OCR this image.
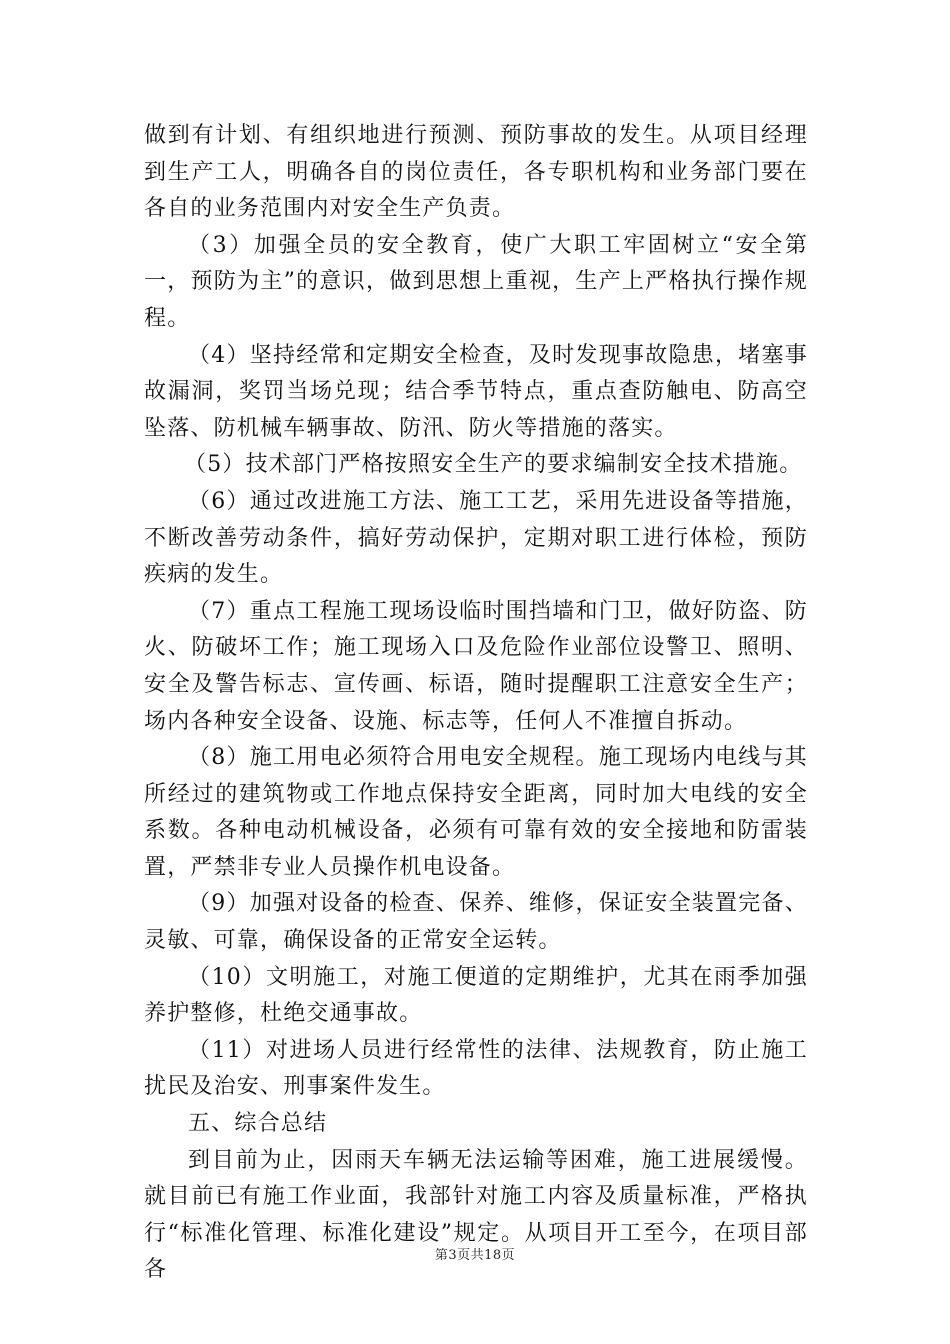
做到有计划、有组织地进行预测、预防事故的发生。从项目经理到生产工人，明确各自的岗位责任，各专职机构和业务部门要在各自的业务范围内对安全生产负责。

（3）加强全员的安全教育，使广大职工牢固树立“安全第一，预防为主”的意识，做到思想上重视，生产上严格执行操作规程。

（4）坚持经常和定期安全检查，及时发现事故隐患，堵塞事故漏洞，奖罚当场兑现；结合季节特点，重点查防触电、防高空坠落、防机械车辆事故、防汛、防火等措施的落实。

（5）技术部门严格按照安全生产的要求编制安全技术措施。

（6）通过改进施工方法、施工工艺，采用先进设备等措施，不断改善劳动条件，搞好劳动保护，定期对职工进行体检，预防疾病的发生。

（7）重点工程施工现场设临时围挡墙和门卫，做好防盗、防火、防破坏工作；施工现场入口及危险作业部位设警卫、照明、安全及警告标志、宣传画、标语，随时提醒职工注意安全生产；场内各种安全设备、设施、标志等，任何人不准擅自拆动。

（8）施工用电必须符合用电安全规程。施工现场内电线与其所经过的建筑物或工作地点保持安全距离，同时加大电线的安全系数。各种电动机械设备，必须有可靠有效的安全接地和防雷装置，严禁非专业人员操作机电设备。

（9）加强对设备的检查、保养、维修，保证安全装置完备、灵敏、可靠，确保设备的正常安全运转。

（10）文明施工，对施工便道的定期维护，尤其在雨季加强养护整修，杜绝交通事故。

（11）对进场人员进行经常性的法律、法规教育，防止施工扰民及治安、刑事案件发生。

五、综合总结

到目前为止，因雨天车辆无法运输等困难，施工进展缓慢。就目前已有施工作业面，我部针对施工内容及质量标准，严格执行“标准化管理、标准化建设”规定。从项目开工至今，在项目部各

第3页共18页
